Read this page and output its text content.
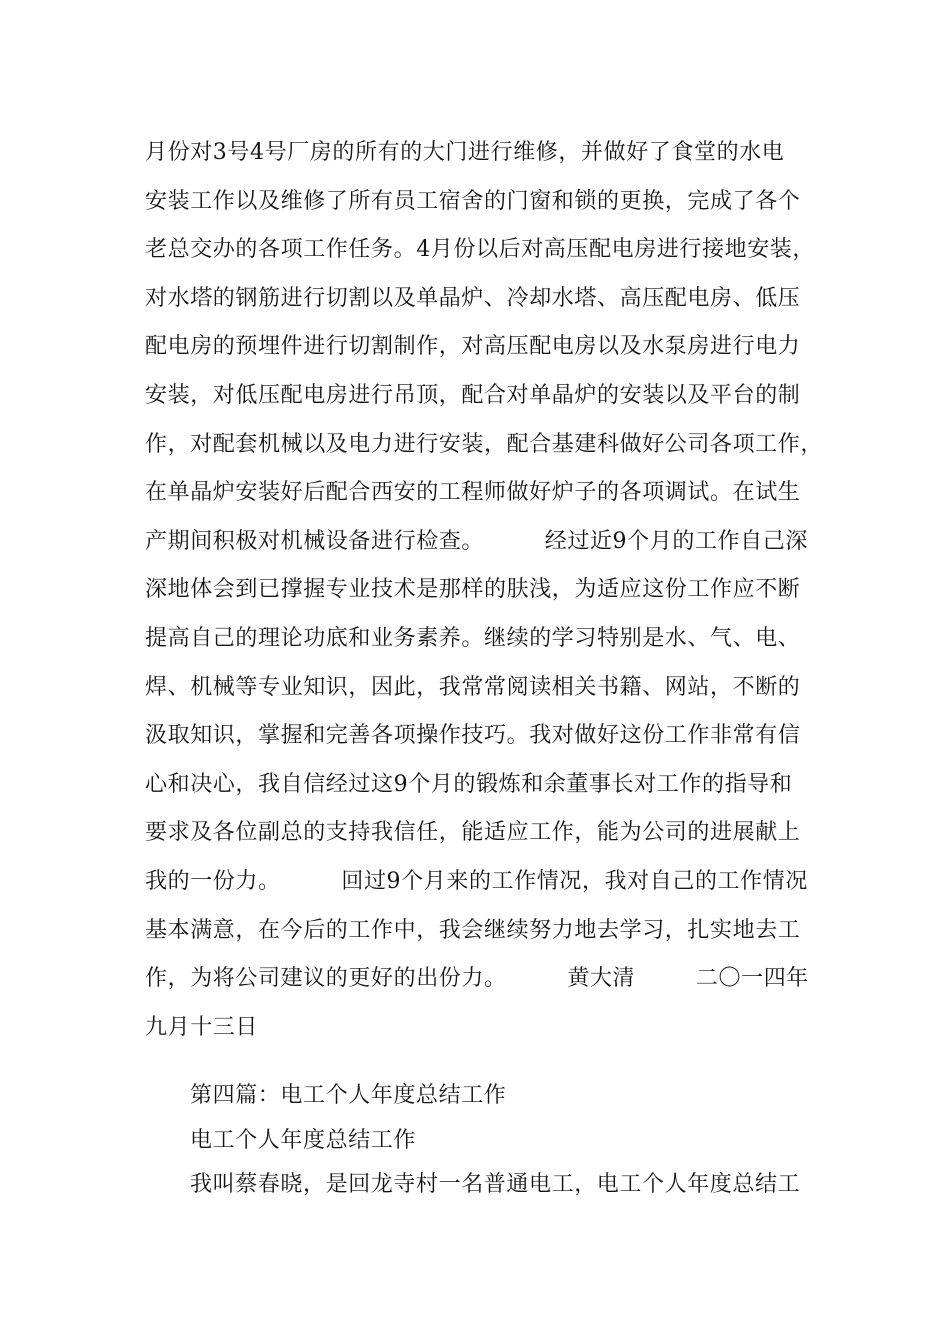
月份对3号4号厂房的所有的大门进行维修，并做好了食堂的水电
安装工作以及维修了所有员工宿舍的门窗和锁的更换，完成了各个
老总交办的各项工作任务。4月份以后对高压配电房进行接地安装，
对水塔的钢筋进行切割以及单晶炉、冷却水塔、高压配电房、低压
配电房的预埋件进行切割制作，对高压配电房以及水泵房进行电力
安装，对低压配电房进行吊顶，配合对单晶炉的安装以及平台的制
作，对配套机械以及电力进行安装，配合基建科做好公司各项工作，
在单晶炉安装好后配合西安的工程师做好炉子的各项调试。在试生
产期间积极对机械设备进行检查。        经过近9个月的工作自己深
深地体会到已撑握专业技术是那样的肤浅，为适应这份工作应不断
提高自己的理论功底和业务素养。继续的学习特别是水、气、电、
焊、机械等专业知识，因此，我常常阅读相关书籍、网站，不断的
汲取知识，掌握和完善各项操作技巧。我对做好这份工作非常有信
心和决心，我自信经过这9个月的锻炼和余董事长对工作的指导和
要求及各位副总的支持我信任，能适应工作，能为公司的进展献上
我的一份力。        回过9个月来的工作情况，我对自己的工作情况
基本满意，在今后的工作中，我会继续努力地去学习，扎实地去工
作，为将公司建议的更好的出份力。        黄大清        二〇一四年
九月十三日
第四篇：电工个人年度总结工作
电工个人年度总结工作
我叫蔡春晓，是回龙寺村一名普通电工，电工个人年度总结工
